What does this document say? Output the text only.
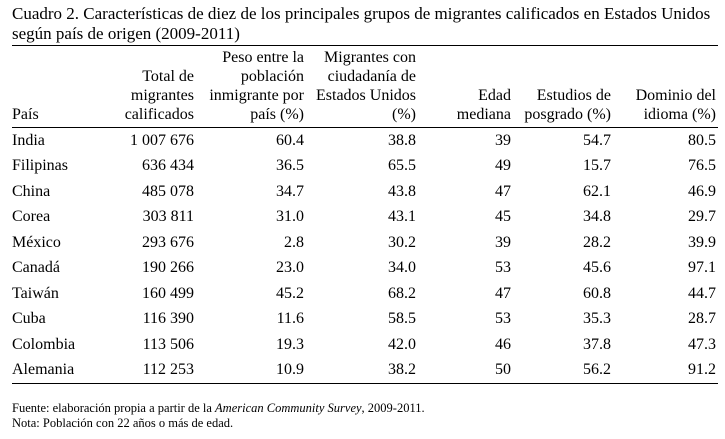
Cuadro 2. Características de diez de los principales grupos de migrantes calificados en Estados Unidos según país de origen (2009-2011)

País	Total de migrantes calificados	Peso entre la población inmigrante por país (%)	Migrantes con ciudadanía de Estados Unidos (%)	Edad mediana	Estudios de posgrado (%)	Dominio del idioma (%)
India	1 007 676	60.4	38.8	39	54.7	80.5
Filipinas	636 434	36.5	65.5	49	15.7	76.5
China	485 078	34.7	43.8	47	62.1	46.9
Corea	303 811	31.0	43.1	45	34.8	29.7
México	293 676	2.8	30.2	39	28.2	39.9
Canadá	190 266	23.0	34.0	53	45.6	97.1
Taiwán	160 499	45.2	68.2	47	60.8	44.7
Cuba	116 390	11.6	58.5	53	35.3	28.7
Colombia	113 506	19.3	42.0	46	37.8	47.3
Alemania	112 253	10.9	38.2	50	56.2	91.2

Fuente: elaboración propia a partir de la American Community Survey, 2009-2011.

Nota: Población con 22 años o más de edad.
